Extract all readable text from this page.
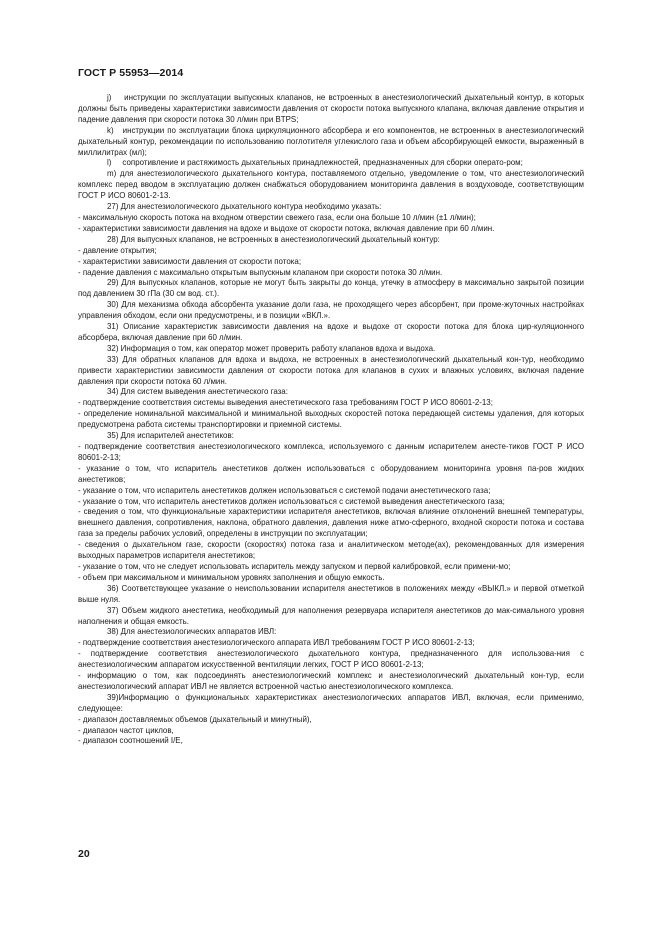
ГОСТ Р 55953—2014

j)    инструкции по эксплуатации выпускных клапанов, не встроенных в анестезиологический дыхательный контур, в которых должны быть приведены характеристики зависимости давления от скорости потока выпускного клапана, включая давление открытия и падение давления при скорости потока 30 л/мин при BTPS;

k)   инструкции по эксплуатации блока циркуляционного абсорбера и его компонентов, не встроенных в анестезиологический дыхательный контур, рекомендации по использованию поглотителя углекислого газа и объем абсорбирующей емкости, выраженный в миллилитрах (мл);

l)     сопротивление и растяжимость дыхательных принадлежностей, предназначенных для сборки операто-ром;

m) для анестезиологического дыхательного контура, поставляемого отдельно, уведомление о том, что анестезиологический комплекс перед вводом в эксплуатацию должен снабжаться оборудованием мониторинга давления в воздуховоде, соответствующим ГОСТ Р ИСО 80601-2-13.

27) Для анестезиологического дыхательного контура необходимо указать:

- максимальную скорость потока на входном отверстии свежего газа, если она больше 10 л/мин (±1 л/мин);

- характеристики зависимости давления на вдохе и выдохе от скорости потока, включая давление при 60 л/мин.

28) Для выпускных клапанов, не встроенных в анестезиологический дыхательный контур:

- давление открытия;

- характеристики зависимости давления от скорости потока;

- падение давления с максимально открытым выпускным клапаном при скорости потока 30 л/мин.

29) Для выпускных клапанов, которые не могут быть закрыты до конца, утечку в атмосферу в максимально закрытой позиции под давлением 30 гПа (30 см вод. ст.).

30) Для механизма обхода абсорбента указание доли газа, не проходящего через абсорбент, при проме-жуточных настройках управления обходом, если они предусмотрены, и в позиции «ВКЛ.».

31) Описание характеристик зависимости давления на вдохе и выдохе от скорости потока для блока цир-куляционного абсорбера, включая давление при 60 л/мин.

32) Информация о том, как оператор может проверить работу клапанов вдоха и выдоха.

33) Для обратных клапанов для вдоха и выдоха, не встроенных в анестезиологический дыхательный кон-тур, необходимо привести характеристики зависимости давления от скорости потока для клапанов в сухих и влажных условиях, включая падение давления при скорости потока 60 л/мин.

34) Для систем выведения анестетического газа:

- подтверждение соответствия системы выведения анестетического газа требованиям ГОСТ Р ИСО 80601-2-13;

- определение номинальной максимальной и минимальной выходных скоростей потока передающей системы удаления, для которых предусмотрена работа системы транспортировки и приемной системы.

35) Для испарителей анестетиков:

- подтверждение соответствия анестезиологического комплекса, используемого с данным испарителем анесте-тиков ГОСТ Р ИСО 80601-2-13;

- указание о том, что испаритель анестетиков должен использоваться с оборудованием мониторинга уровня па-ров жидких анестетиков;

- указание о том, что испаритель анестетиков должен использоваться с системой подачи анестетического газа;

- указание о том, что испаритель анестетиков должен использоваться с системой выведения анестетического газа;

- сведения о том, что функциональные характеристики испарителя анестетиков, включая влияние отклонений внешней температуры, внешнего давления, сопротивления, наклона, обратного давления, давления ниже атмо-сферного, входной скорости потока и состава газа за пределы рабочих условий, определены в инструкции по эксплуатации;

- сведения о дыхательном газе, скорости (скоростях) потока газа и аналитическом методе(ах), рекомендованных для измерения выходных параметров испарителя анестетиков;

- указание о том, что не следует использовать испаритель между запуском и первой калибровкой, если примени-мо;

- объем при максимальном и минимальном уровнях заполнения и общую емкость.

36) Соответствующее указание о неиспользовании испарителя анестетиков в положениях между «ВЫКЛ.» и первой отметкой выше нуля.

37) Объем жидкого анестетика, необходимый для наполнения резервуара испарителя анестетиков до мак-симального уровня наполнения и общая емкость.

38) Для анестезиологических аппаратов ИВЛ:

- подтверждение соответствия анестезиологического аппарата ИВЛ требованиям ГОСТ Р ИСО 80601-2-13;

- подтверждение соответствия анестезиологического дыхательного контура, предназначенного для использова-ния с анестезиологическим аппаратом искусственной вентиляции легких, ГОСТ Р ИСО 80601-2-13;

- информацию о том, как подсоединять анестезиологический комплекс и анестезиологический дыхательный кон-тур, если анестезиологический аппарат ИВЛ не является встроенной частью анестезиологического комплекса.

39)Информацию о функциональных характеристиках анестезиологических аппаратов ИВЛ, включая, если применимо, следующее:

- диапазон доставляемых объемов (дыхательный и минутный),

- диапазон частот циклов,

- диапазон соотношений I/E,

20
